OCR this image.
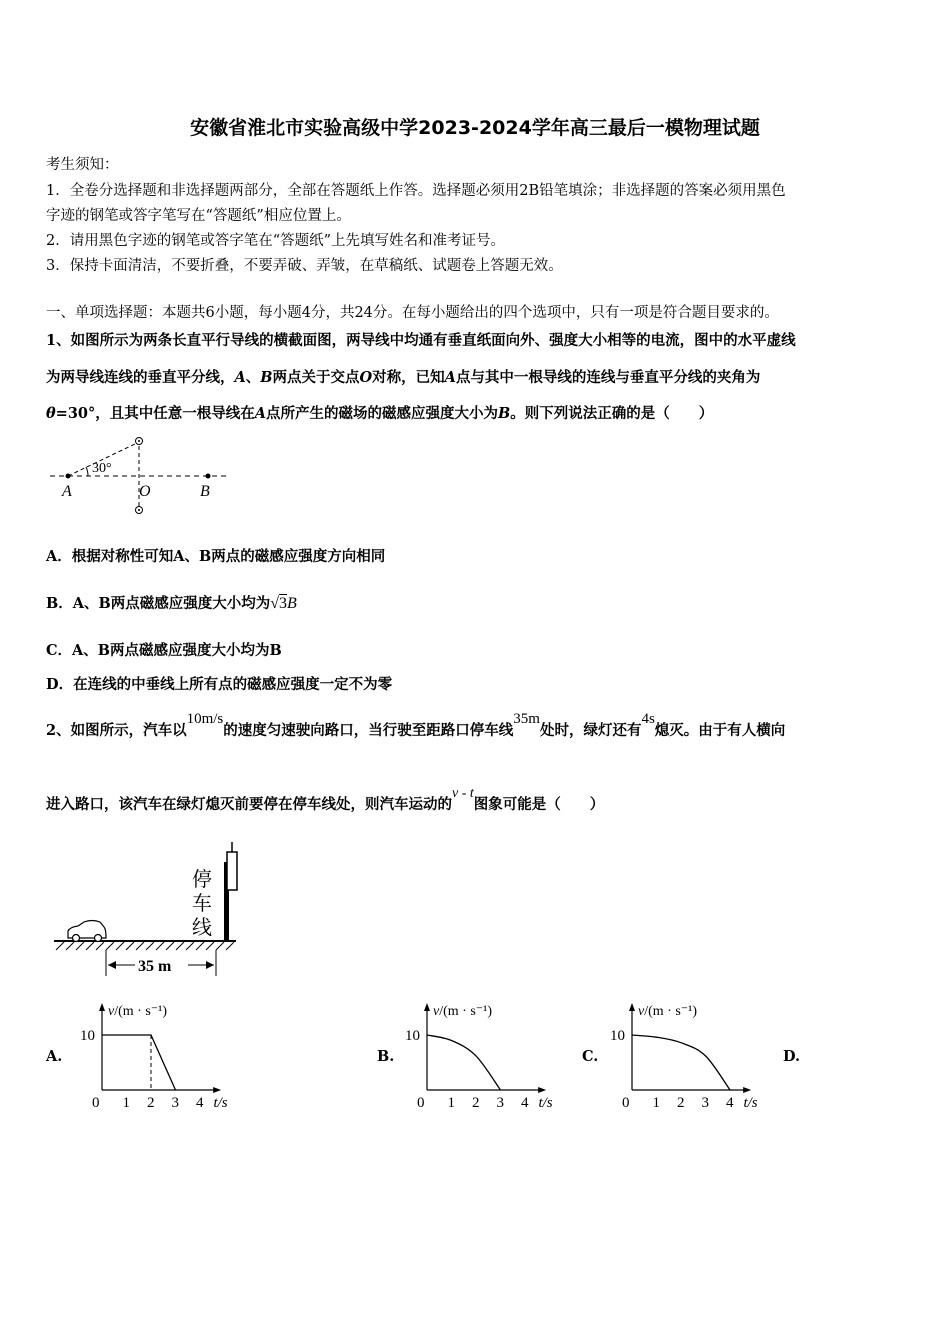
安徽省淮北市实验高级中学2023-2024学年高三最后一模物理试题
考生须知：
1．全卷分选择题和非选择题两部分，全部在答题纸上作答。选择题必须用2B铅笔填涂；非选择题的答案必须用黑色
字迹的钢笔或答字笔写在“答题纸”相应位置上。
2．请用黑色字迹的钢笔或答字笔在“答题纸”上先填写姓名和准考证号。
3．保持卡面清洁，不要折叠，不要弄破、弄皱，在草稿纸、试题卷上答题无效。
一、单项选择题：本题共6小题，每小题4分，共24分。在每小题给出的四个选项中，只有一项是符合题目要求的。
1、如图所示为两条长直平行导线的横截面图，两导线中均通有垂直纸面向外、强度大小相等的电流，图中的水平虚线
为两导线连线的垂直平分线，A、B两点关于交点O对称，已知A点与其中一根导线的连线与垂直平分线的夹角为
θ=30°，且其中任意一根导线在A点所产生的磁场的磁感应强度大小为B。则下列说法正确的是（　　）
30°
A	O	B
A．根据对称性可知A、B两点的磁感应强度方向相同
B．A、B两点磁感应强度大小均为√3B
C．A、B两点磁感应强度大小均为B
D．在连线的中垂线上所有点的磁感应强度一定不为零
2、如图所示，汽车以10m/s的速度匀速驶向路口，当行驶至距路口停车线35m处时，绿灯还有4s熄灭。由于有人横向
进入路口，该汽车在绿灯熄灭前要停在停车线处，则汽车运动的v - t图象可能是（　　）
停
车
线
35 m
A.	B.	C.	D.
v/(m · s⁻¹)
10
0 1 2 3 4 t/s
v/(m · s⁻¹)
10
0 1 2 3 4 t/s
v/(m · s⁻¹)
10
0 1 2 3 4 t/s
